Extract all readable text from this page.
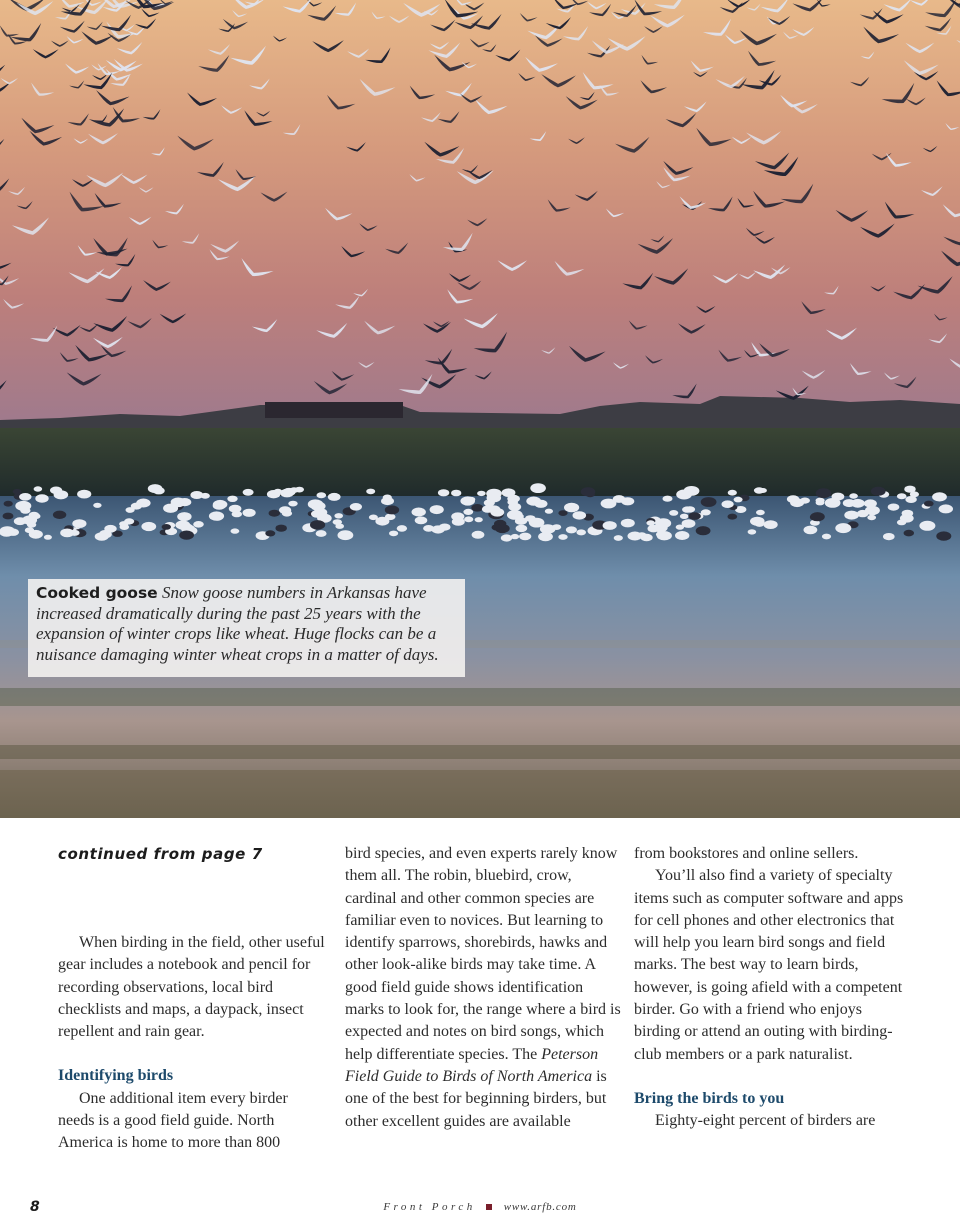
Cooked goose Snow goose numbers in Arkansas have increased dramatically during the past 25 years with the expansion of winter crops like wheat. Huge flocks can be a nuisance damaging winter wheat crops in a matter of days.

continued from page 7

When birding in the field, other useful gear includes a notebook and pencil for recording observations, local bird checklists and maps, a daypack, insect repellent and rain gear.

Identifying birds

One additional item every birder needs is a good field guide. North America is home to more than 800

bird species, and even experts rarely know them all. The robin, bluebird, crow, cardinal and other common species are familiar even to novices. But learning to identify sparrows, shorebirds, hawks and other look-alike birds may take time. A good field guide shows identification marks to look for, the range where a bird is expected and notes on bird songs, which help differentiate species. The Peterson Field Guide to Birds of North America is one of the best for beginning birders, but other excellent guides are available

from bookstores and online sellers.

You’ll also find a variety of specialty items such as computer software and apps for cell phones and other electronics that will help you learn bird songs and field marks. The best way to learn birds, however, is going afield with a competent birder. Go with a friend who enjoys birding or attend an outing with birding-club members or a park naturalist.

Bring the birds to you

Eighty-eight percent of birders are

8	Front Porch	www.arfb.com
